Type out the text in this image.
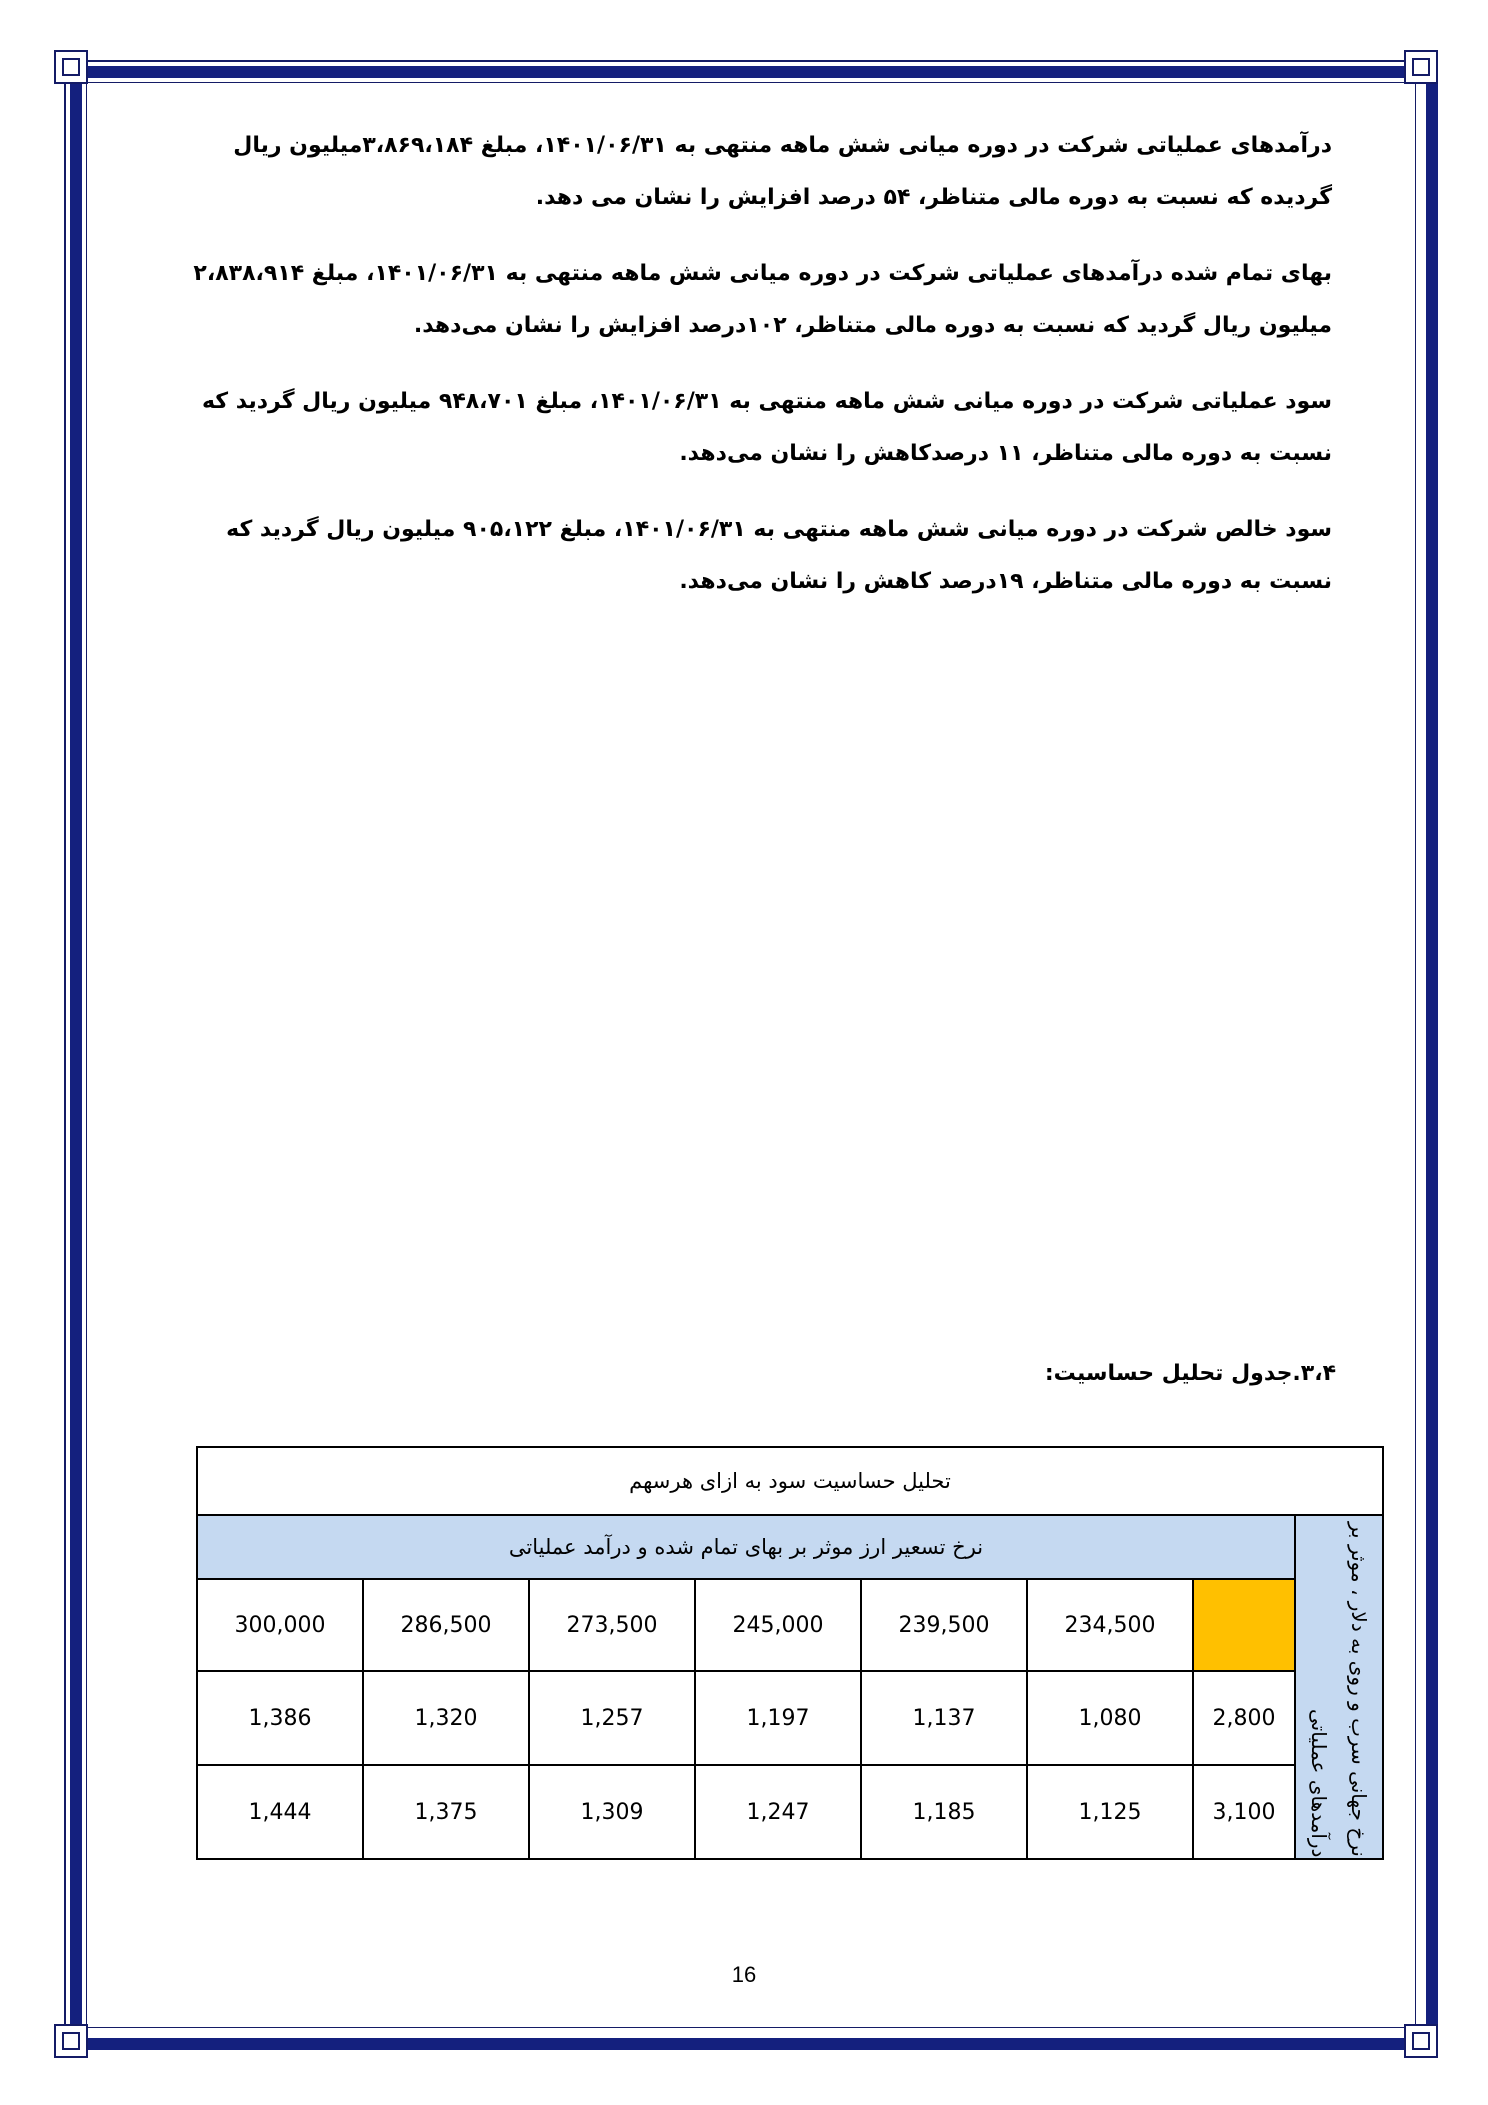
درآمدهای عملیاتی شرکت در دوره میانی شش ماهه منتهی به ۱۴۰۱/۰۶/۳۱، مبلغ ۳،۸۶۹،۱۸۴میلیون ریال گردیده که نسبت به دوره مالی متناظر، ۵۴ درصد افزایش را نشان می دهد.

بهای تمام شده درآمدهای عملیاتی شرکت در دوره میانی شش ماهه منتهی به ۱۴۰۱/۰۶/۳۱، مبلغ ۲،۸۳۸،۹۱۴ میلیون ریال گردید که نسبت به دوره مالی متناظر، ۱۰۲درصد افزایش را نشان می‌دهد.

سود عملیاتی شرکت در دوره میانی شش ماهه منتهی به ۱۴۰۱/۰۶/۳۱، مبلغ ۹۴۸،۷۰۱ میلیون ریال گردید که نسبت به دوره مالی متناظر، ۱۱ درصدکاهش را نشان می‌دهد.

سود خالص شرکت در دوره میانی شش ماهه منتهی به ۱۴۰۱/۰۶/۳۱، مبلغ ۹۰۵،۱۲۲ میلیون ریال گردید که نسبت به دوره مالی متناظر، ۱۹درصد کاهش را نشان می‌دهد.

۳،۴.جدول تحلیل حساسیت:
تحلیل حساسیت سود به ازای هرسهم							
نرخ تسعیر ارز موثر بر بهای تمام شده و درآمد عملیاتی							نرخ جهانی سرب و روی به دلار ، موثر بر درآمدهای عملیاتی

300,000	286,500	273,500	245,000	239,500	234,500		
1,386	1,320	1,257	1,197	1,137	1,080	2,800	
1,444	1,375	1,309	1,247	1,185	1,125	3,100	
16
